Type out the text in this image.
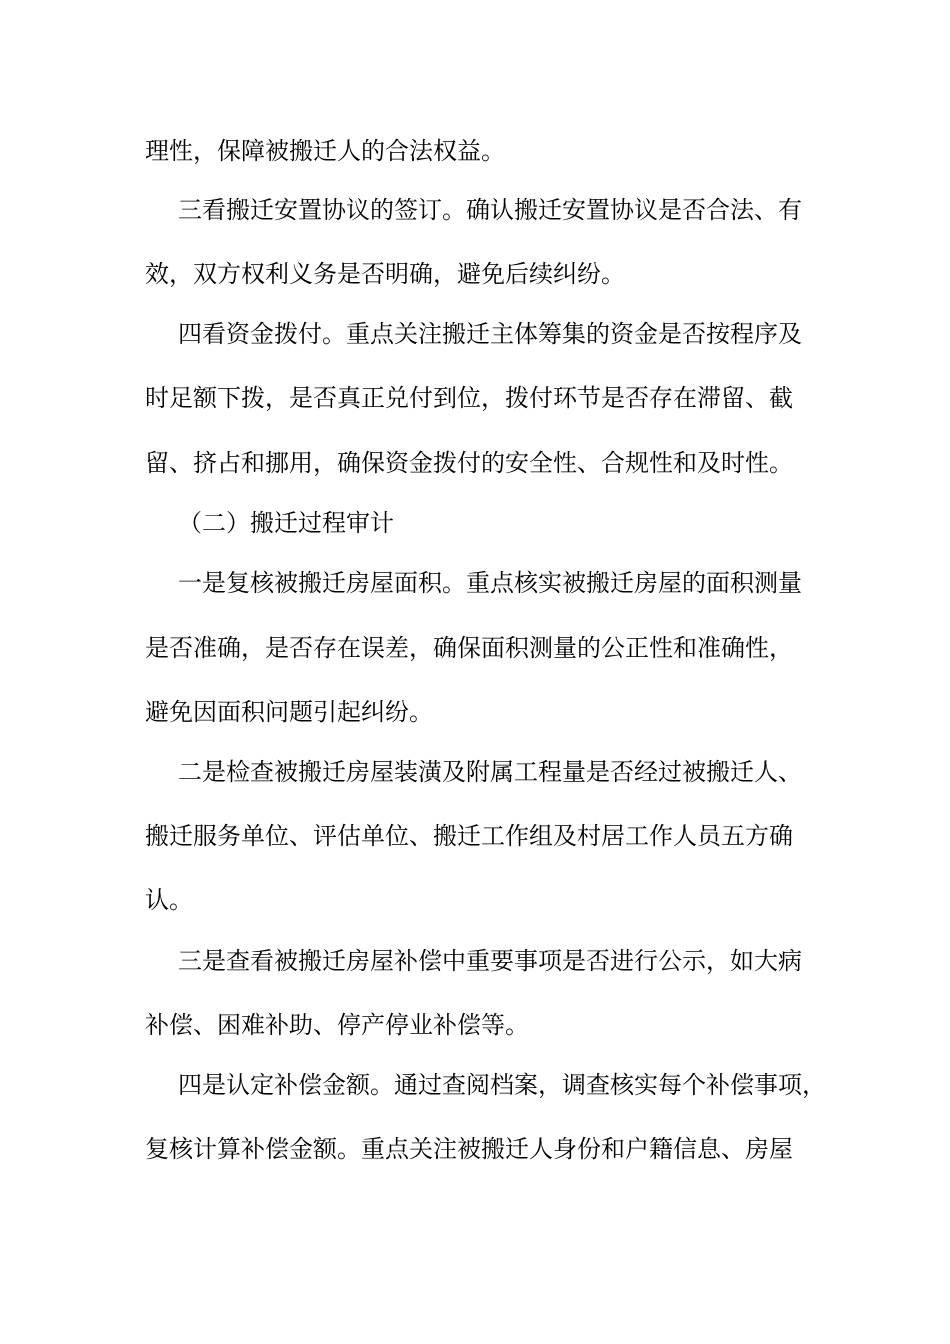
理性，保障被搬迁人的合法权益。
三看搬迁安置协议的签订。确认搬迁安置协议是否合法、有
效，双方权利义务是否明确，避免后续纠纷。
四看资金拨付。重点关注搬迁主体筹集的资金是否按程序及
时足额下拨，是否真正兑付到位，拨付环节是否存在滞留、截
留、挤占和挪用，确保资金拨付的安全性、合规性和及时性。
（二）搬迁过程审计
一是复核被搬迁房屋面积。重点核实被搬迁房屋的面积测量
是否准确，是否存在误差，确保面积测量的公正性和准确性，
避免因面积问题引起纠纷。
二是检查被搬迁房屋装潢及附属工程量是否经过被搬迁人、
搬迁服务单位、评估单位、搬迁工作组及村居工作人员五方确
认。
三是查看被搬迁房屋补偿中重要事项是否进行公示，如大病
补偿、困难补助、停产停业补偿等。
四是认定补偿金额。通过查阅档案，调查核实每个补偿事项，
复核计算补偿金额。重点关注被搬迁人身份和户籍信息、房屋
